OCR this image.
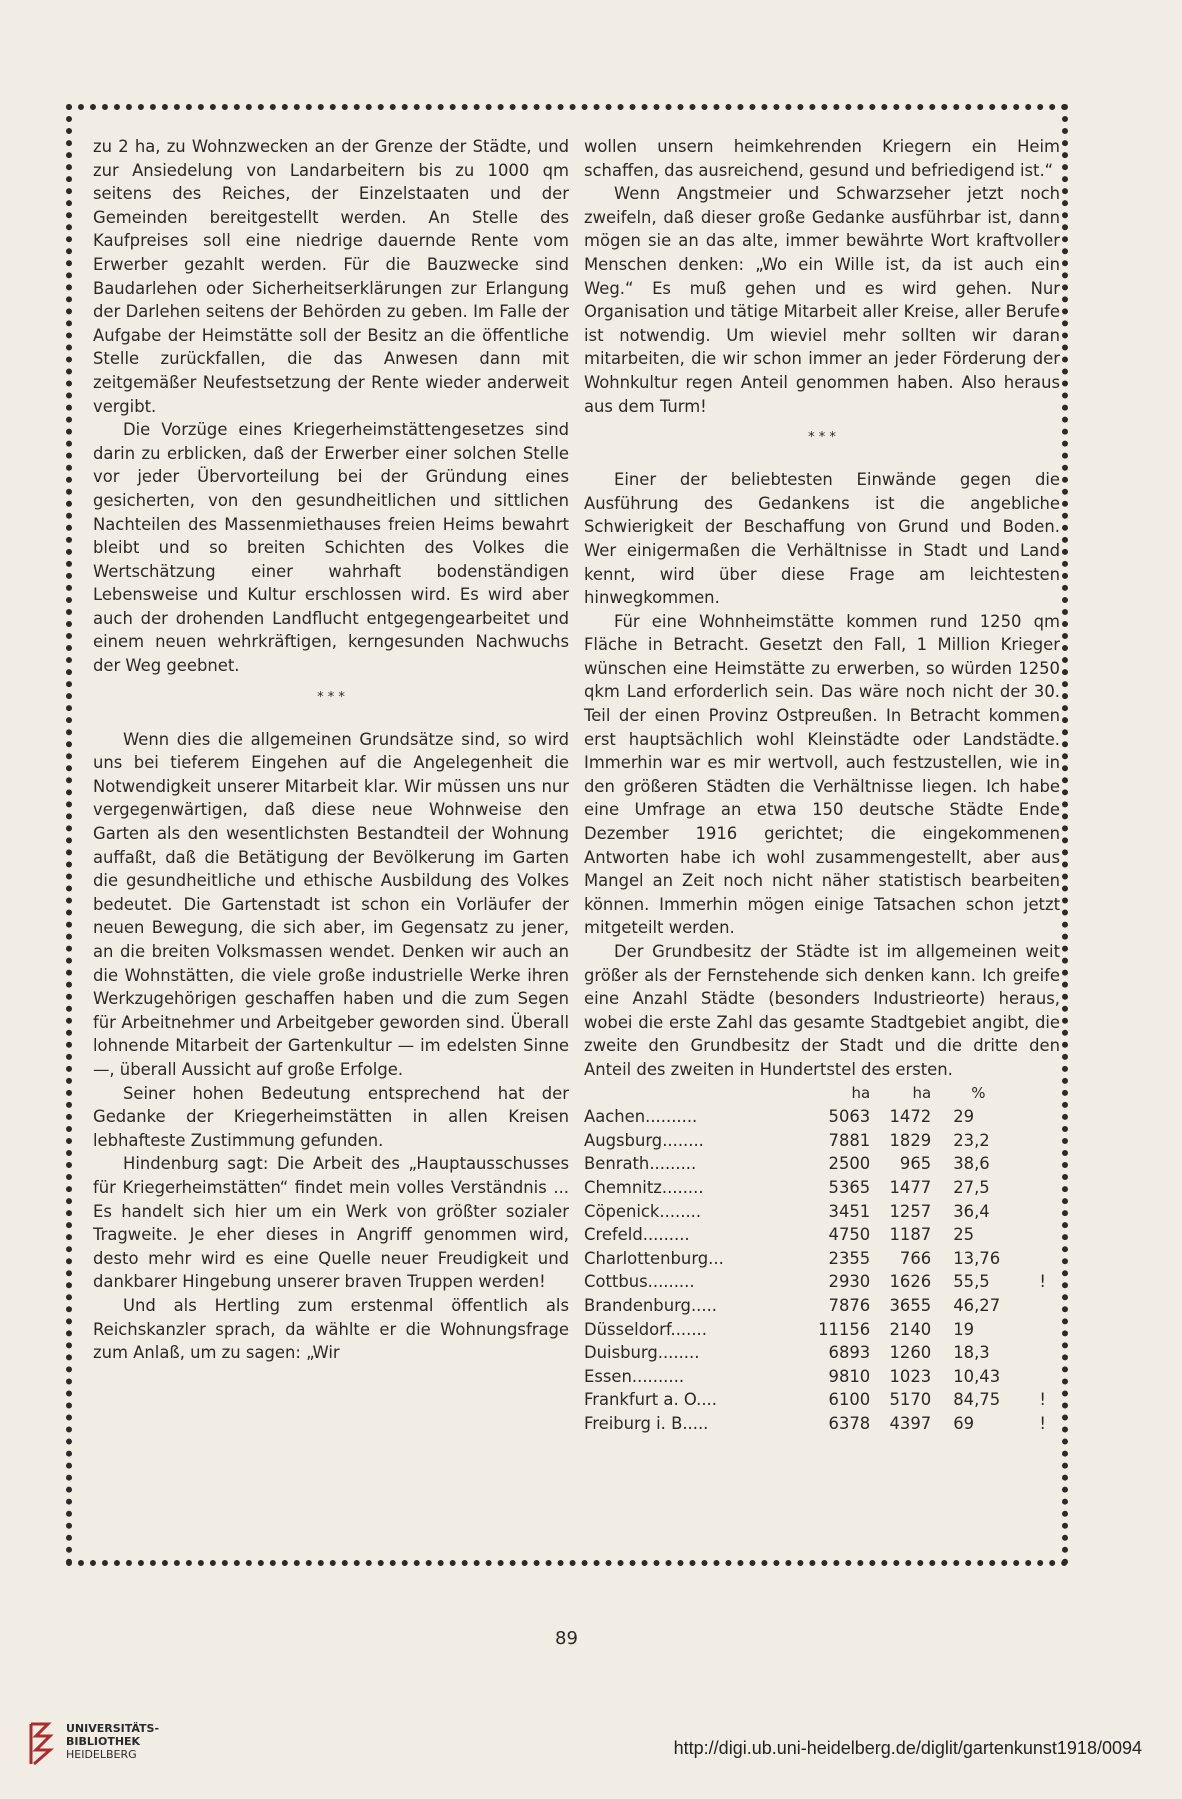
zu 2 ha, zu Wohnzwecken an der Grenze der Städte, und zur Ansiedelung von Landarbeitern bis zu 1000 qm seitens des Reiches, der Einzelstaaten und der Gemeinden bereitgestellt werden. An Stelle des Kaufpreises soll eine niedrige dauernde Rente vom Erwerber gezahlt werden. Für die Bauzwecke sind Baudarlehen oder Sicherheitserklärungen zur Erlangung der Darlehen seitens der Behörden zu geben. Im Falle der Aufgabe der Heimstätte soll der Besitz an die öffentliche Stelle zurückfallen, die das Anwesen dann mit zeitgemäßer Neufestsetzung der Rente wieder anderweit vergibt.

Die Vorzüge eines Kriegerheimstättengesetzes sind darin zu erblicken, daß der Erwerber einer solchen Stelle vor jeder Übervorteilung bei der Gründung eines gesicherten, von den gesundheitlichen und sittlichen Nachteilen des Massenmiethauses freien Heims bewahrt bleibt und so breiten Schichten des Volkes die Wertschätzung einer wahrhaft bodenständigen Lebensweise und Kultur erschlossen wird. Es wird aber auch der drohenden Landflucht entgegengearbeitet und einem neuen wehrkräftigen, kerngesunden Nachwuchs der Weg geebnet.

* * *

Wenn dies die allgemeinen Grundsätze sind, so wird uns bei tieferem Eingehen auf die Angelegenheit die Notwendigkeit unserer Mitarbeit klar. Wir müssen uns nur vergegenwärtigen, daß diese neue Wohnweise den Garten als den wesentlichsten Bestandteil der Wohnung auffaßt, daß die Betätigung der Bevölkerung im Garten die gesundheitliche und ethische Ausbildung des Volkes bedeutet. Die Gartenstadt ist schon ein Vorläufer der neuen Bewegung, die sich aber, im Gegensatz zu jener, an die breiten Volksmassen wendet. Denken wir auch an die Wohnstätten, die viele große industrielle Werke ihren Werkzugehörigen geschaffen haben und die zum Segen für Arbeitnehmer und Arbeitgeber geworden sind. Überall lohnende Mitarbeit der Gartenkultur — im edelsten Sinne —, überall Aussicht auf große Erfolge.

Seiner hohen Bedeutung entsprechend hat der Gedanke der Kriegerheimstätten in allen Kreisen lebhafteste Zustimmung gefunden.

Hindenburg sagt: Die Arbeit des „Hauptausschusses für Kriegerheimstätten“ findet mein volles Verständnis ... Es handelt sich hier um ein Werk von größter sozialer Tragweite. Je eher dieses in Angriff genommen wird, desto mehr wird es eine Quelle neuer Freudigkeit und dankbarer Hingebung unserer braven Truppen werden!

Und als Hertling zum erstenmal öffentlich als Reichskanzler sprach, da wählte er die Wohnungsfrage zum Anlaß, um zu sagen: „Wir

wollen unsern heimkehrenden Kriegern ein Heim schaffen, das ausreichend, gesund und befriedigend ist.“

Wenn Angstmeier und Schwarzseher jetzt noch zweifeln, daß dieser große Gedanke ausführbar ist, dann mögen sie an das alte, immer bewährte Wort kraftvoller Menschen denken: „Wo ein Wille ist, da ist auch ein Weg.“ Es muß gehen und es wird gehen. Nur Organisation und tätige Mitarbeit aller Kreise, aller Berufe ist notwendig. Um wieviel mehr sollten wir daran mitarbeiten, die wir schon immer an jeder Förderung der Wohnkultur regen Anteil genommen haben. Also heraus aus dem Turm!

* * *

Einer der beliebtesten Einwände gegen die Ausführung des Gedankens ist die angebliche Schwierigkeit der Beschaffung von Grund und Boden. Wer einigermaßen die Verhältnisse in Stadt und Land kennt, wird über diese Frage am leichtesten hinwegkommen.

Für eine Wohnheimstätte kommen rund 1250 qm Fläche in Betracht. Gesetzt den Fall, 1 Million Krieger wünschen eine Heimstätte zu erwerben, so würden 1250 qkm Land erforderlich sein. Das wäre noch nicht der 30. Teil der einen Provinz Ostpreußen. In Betracht kommen erst hauptsächlich wohl Kleinstädte oder Landstädte. Immerhin war es mir wertvoll, auch festzustellen, wie in den größeren Städten die Verhältnisse liegen. Ich habe eine Umfrage an etwa 150 deutsche Städte Ende Dezember 1916 gerichtet; die eingekommenen Antworten habe ich wohl zusammengestellt, aber aus Mangel an Zeit noch nicht näher statistisch bearbeiten können. Immerhin mögen einige Tatsachen schon jetzt mitgeteilt werden.

Der Grundbesitz der Städte ist im allgemeinen weit größer als der Fernstehende sich denken kann. Ich greife eine Anzahl Städte (besonders Industrieorte) heraus, wobei die erste Zahl das gesamte Stadtgebiet angibt, die zweite den Grundbesitz der Stadt und die dritte den Anteil des zweiten in Hundertstel des ersten.

	ha	ha	%	
Aachen..........	5063	1472	29	
Augsburg........	7881	1829	23,2	
Benrath.........	2500	965	38,6	
Chemnitz........	5365	1477	27,5	
Cöpenick........	3451	1257	36,4	
Crefeld.........	4750	1187	25	
Charlottenburg...	2355	766	13,76	
Cottbus.........	2930	1626	55,5	!
Brandenburg.....	7876	3655	46,27	
Düsseldorf.......	11156	2140	19	
Duisburg........	6893	1260	18,3	
Essen..........	9810	1023	10,43	
Frankfurt a. O....	6100	5170	84,75	!
Freiburg i. B.....	6378	4397	69	!
89
UNIVERSITÄTS-
BIBLIOTHEK
HEIDELBERG	http://digi.ub.uni-heidelberg.de/diglit/gartenkunst1918/0094
